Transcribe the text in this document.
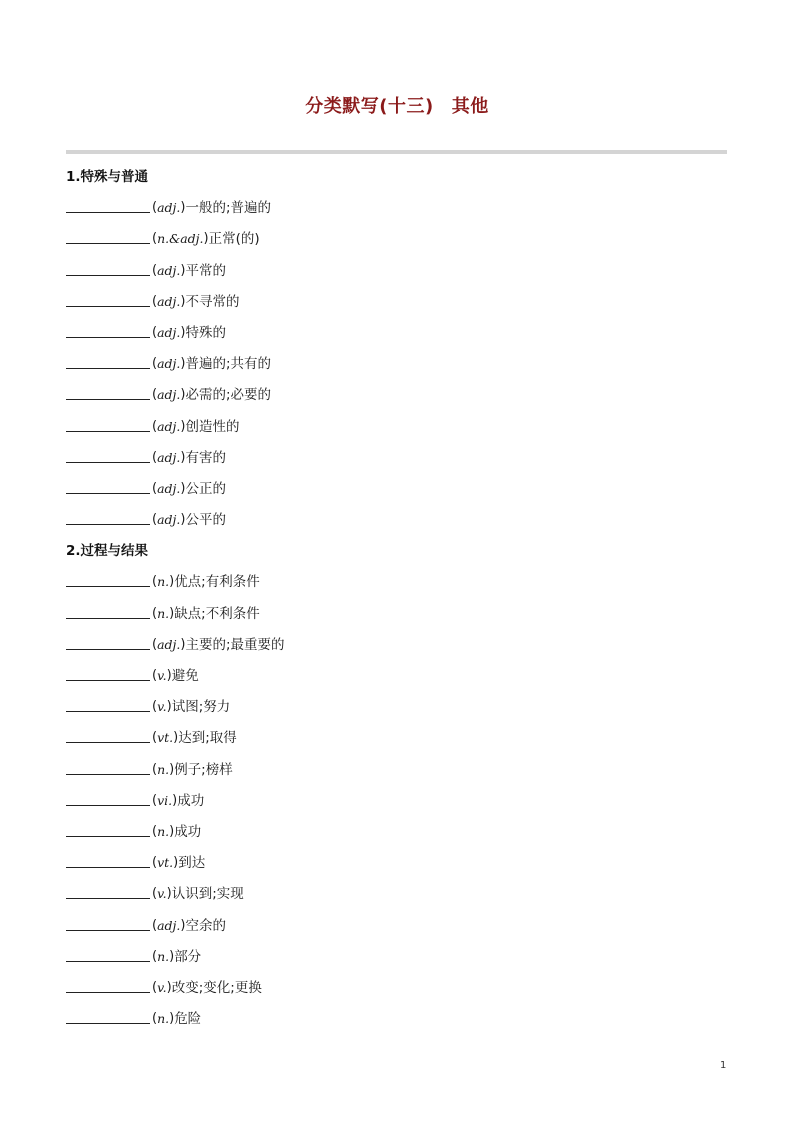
分类默写(十三) 其他
1.特殊与普通
( adj. ) 一般的;普遍的
( n.&adj. ) 正常(的)
( adj. ) 平常的
( adj. ) 不寻常的
( adj. ) 特殊的
( adj. ) 普遍的;共有的
( adj. ) 必需的;必要的
( adj. ) 创造性的
( adj. ) 有害的
( adj. ) 公正的
( adj. ) 公平的
2.过程与结果
( n. ) 优点;有利条件
( n. ) 缺点;不利条件
( adj. ) 主要的;最重要的
( v. ) 避免
( v. ) 试图;努力
( vt. ) 达到;取得
( n. ) 例子;榜样
( vi. ) 成功
( n. ) 成功
( vt. ) 到达
( v. ) 认识到;实现
( adj. ) 空余的
( n. ) 部分
( v. ) 改变;变化;更换
( n. ) 危险
1
